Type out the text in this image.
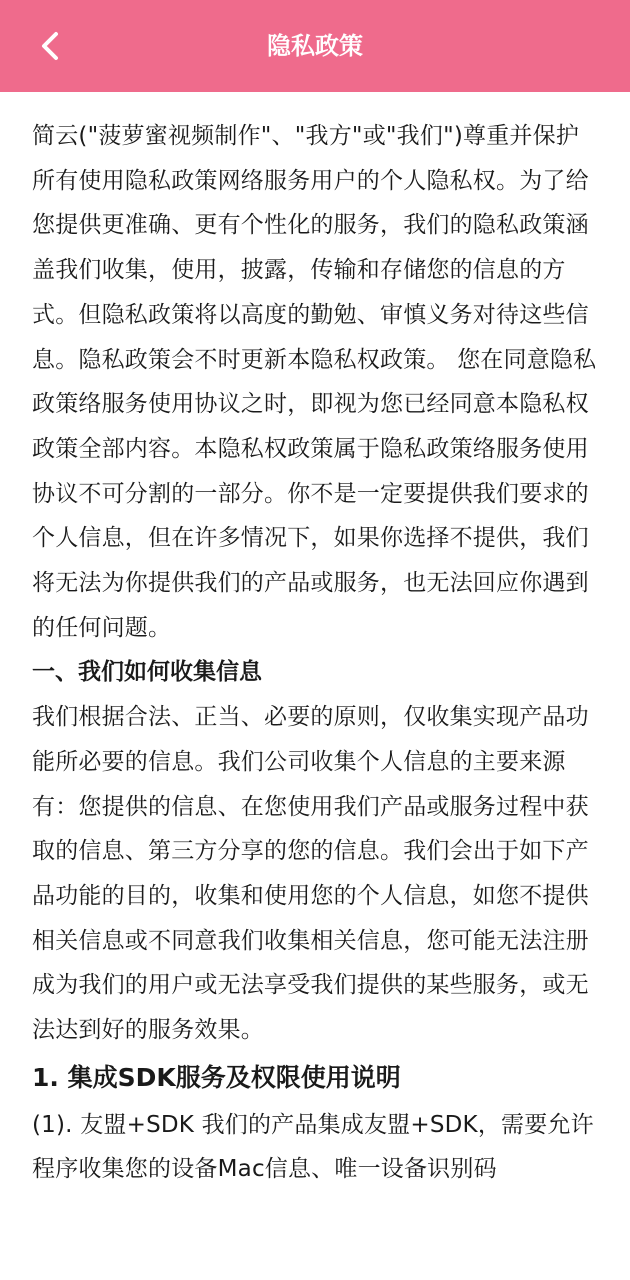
隐私政策

简云("菠萝蜜视频制作"、"我方"或"我们")尊重并保护所有使用隐私政策网络服务用户的个人隐私权。为了给您提供更准确、更有个性化的服务，我们的隐私政策涵盖我们收集，使用，披露，传输和存储您的信息的方式。但隐私政策将以高度的勤勉、审慎义务对待这些信息。隐私政策会不时更新本隐私权政策。 您在同意隐私政策络服务使用协议之时，即视为您已经同意本隐私权政策全部内容。本隐私权政策属于隐私政策络服务使用协议不可分割的一部分。你不是一定要提供我们要求的个人信息，但在许多情况下，如果你选择不提供，我们将无法为你提供我们的产品或服务，也无法回应你遇到的任何问题。

一、我们如何收集信息

我们根据合法、正当、必要的原则，仅收集实现产品功能所必要的信息。我们公司收集个人信息的主要来源有：您提供的信息、在您使用我们产品或服务过程中获取的信息、第三方分享的您的信息。我们会出于如下产品功能的目的，收集和使用您的个人信息，如您不提供相关信息或不同意我们收集相关信息，您可能无法注册成为我们的用户或无法享受我们提供的某些服务，或无法达到好的服务效果。

1. 集成SDK服务及权限使用说明

(1). 友盟+SDK 我们的产品集成友盟+SDK，需要允许程序收集您的设备Mac信息、唯一设备识别码
